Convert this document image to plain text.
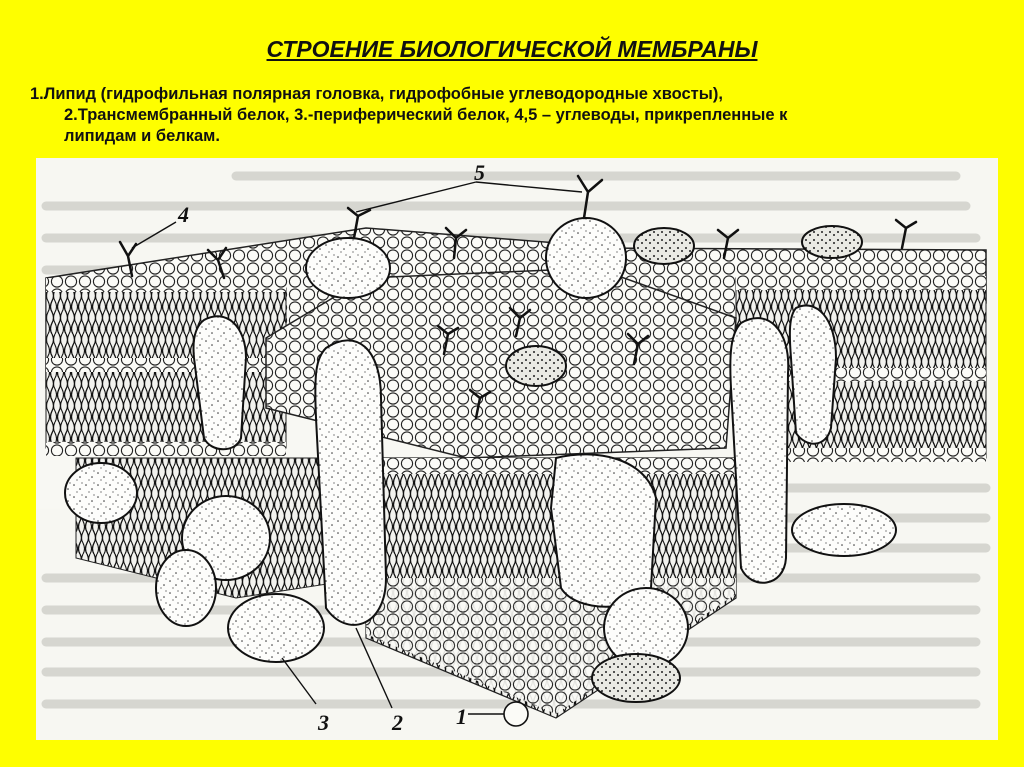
СТРОЕНИЕ БИОЛОГИЧЕСКОЙ МЕМБРАНЫ
1.Липид (гидрофильная полярная головка, гидрофобные углеводородные хвосты),
2.Трансмембранный белок, 3.-периферический белок, 4,5 – углеводы, прикрепленные к
липидам и белкам.
4
5
3	2 1
